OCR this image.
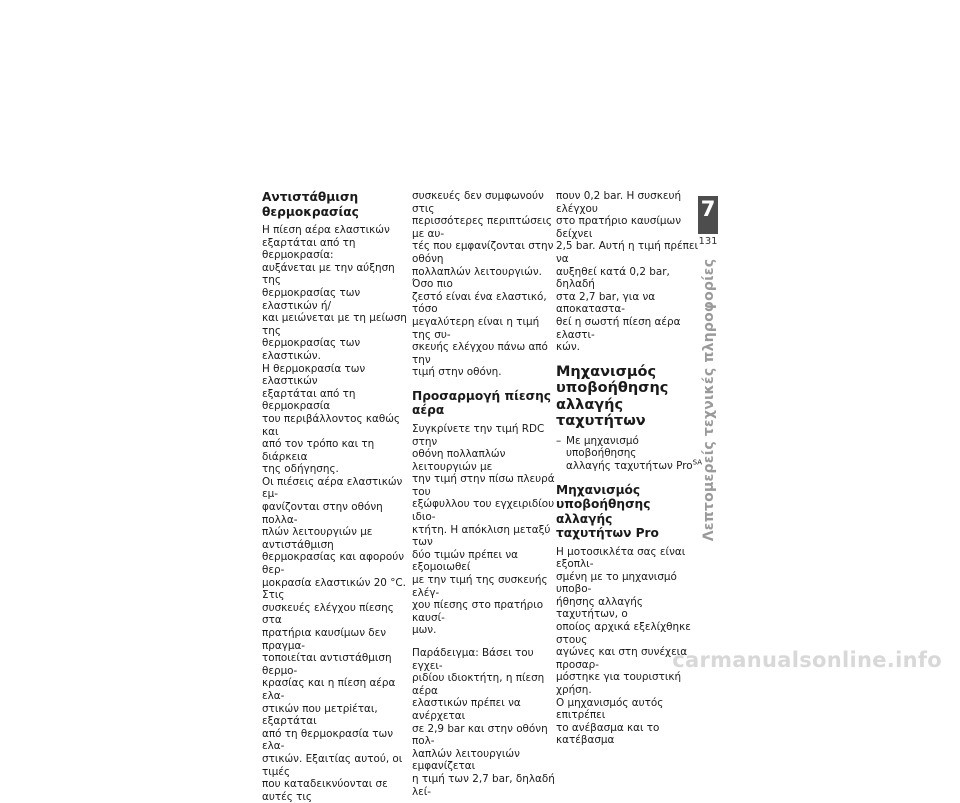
Αντιστάθμιση
θερμοκρασίας

Η πίεση αέρα ελαστικών
εξαρτάται από τη θερμοκρασία:
αυξάνεται με την αύξηση της
θερμοκρασίας των ελαστικών ή/
και μειώνεται με τη μείωση της
θερμοκρασίας των ελαστικών.

Η θερμοκρασία των ελαστικών
εξαρτάται από τη θερμοκρασία
του περιβάλλοντος καθώς και
από τον τρόπο και τη διάρκεια
της οδήγησης.

Οι πιέσεις αέρα ελαστικών εμ-
φανίζονται στην οθόνη πολλα-
πλών λειτουργιών με αντιστάθμιση
θερμοκρασίας και αφορούν θερ-
μοκρασία ελαστικών 20 °C. Στις
συσκευές ελέγχου πίεσης στα
πρατήρια καυσίμων δεν πραγμα-
τοποιείται αντιστάθμιση θερμο-
κρασίας και η πίεση αέρα ελα-
στικών που μετρiέται, εξαρτάται
από τη θερμοκρασία των ελα-
στικών. Εξαιτίας αυτού, οι τιμές
που καταδεικνύονται σε αυτές τις

συσκευές δεν συμφωνούν στις
περισσότερες περιπτώσεις με αυ-
τές που εμφανίζονται στην οθόνη
πολλαπλών λειτουργιών. Όσο πιο
ζεστό είναι ένα ελαστικό, τόσο
μεγαλύτερη είναι η τιμή της συ-
σκευής ελέγχου πάνω από την
τιμή στην οθόνη.

Προσαρμογή πίεσης αέρα

Συγκρίνετε την τιμή RDC στην
οθόνη πολλαπλών λειτουργιών με
την τιμή στην πίσω πλευρά του
εξώφυλλου του εγχειριδίου ιδιο-
κτήτη. Η απόκλιση μεταξύ των
δύο τιμών πρέπει να εξομοιωθεί
με την τιμή της συσκευής ελέγ-
χου πίεσης στο πρατήριο καυσί-
μων.

Παράδειγμα: Βάσει του εγχει-
ριδίου ιδιοκτήτη, η πίεση αέρα
ελαστικών πρέπει να ανέρχεται
σε 2,9 bar και στην οθόνη πολ-
λαπλών λειτουργιών εμφανίζεται
η τιμή των 2,7 bar, δηλαδή λεί-

πουν 0,2 bar. Η συσκευή ελέγχου
στο πρατήριο καυσίμων δείχνει
2,5 bar. Αυτή η τιμή πρέπει να
αυξηθεί κατά 0,2 bar, δηλαδή
στα 2,7 bar, για να αποκαταστα-
θεί η σωστή πίεση αέρα ελαστι-
κών.

Μηχανισμός
υποβοήθησης αλλαγής
ταχυτήτων

– Με μηχανισμό υποβοήθησης
αλλαγής ταχυτήτων Pro$^{SA}$

Μηχανισμός
υποβοήθησης αλλαγής
ταχυτήτων Pro

Η μοτοσικλέτα σας είναι εξοπλι-
σμένη με το μηχανισμό υποβο-
ήθησης αλλαγής ταχυτήτων, ο
οποίος αρχικά εξελίχθηκε στους
αγώνες και στη συνέχεια προσαρ-
μόστηκε για τουριστική χρήση.

Ο μηχανισμός αυτός επιτρέπει
το ανέβασμα και το κατέβασμα

7
131
Λεπτομερείς τεχνικές πληροφορίες
carmanualsonline.info
